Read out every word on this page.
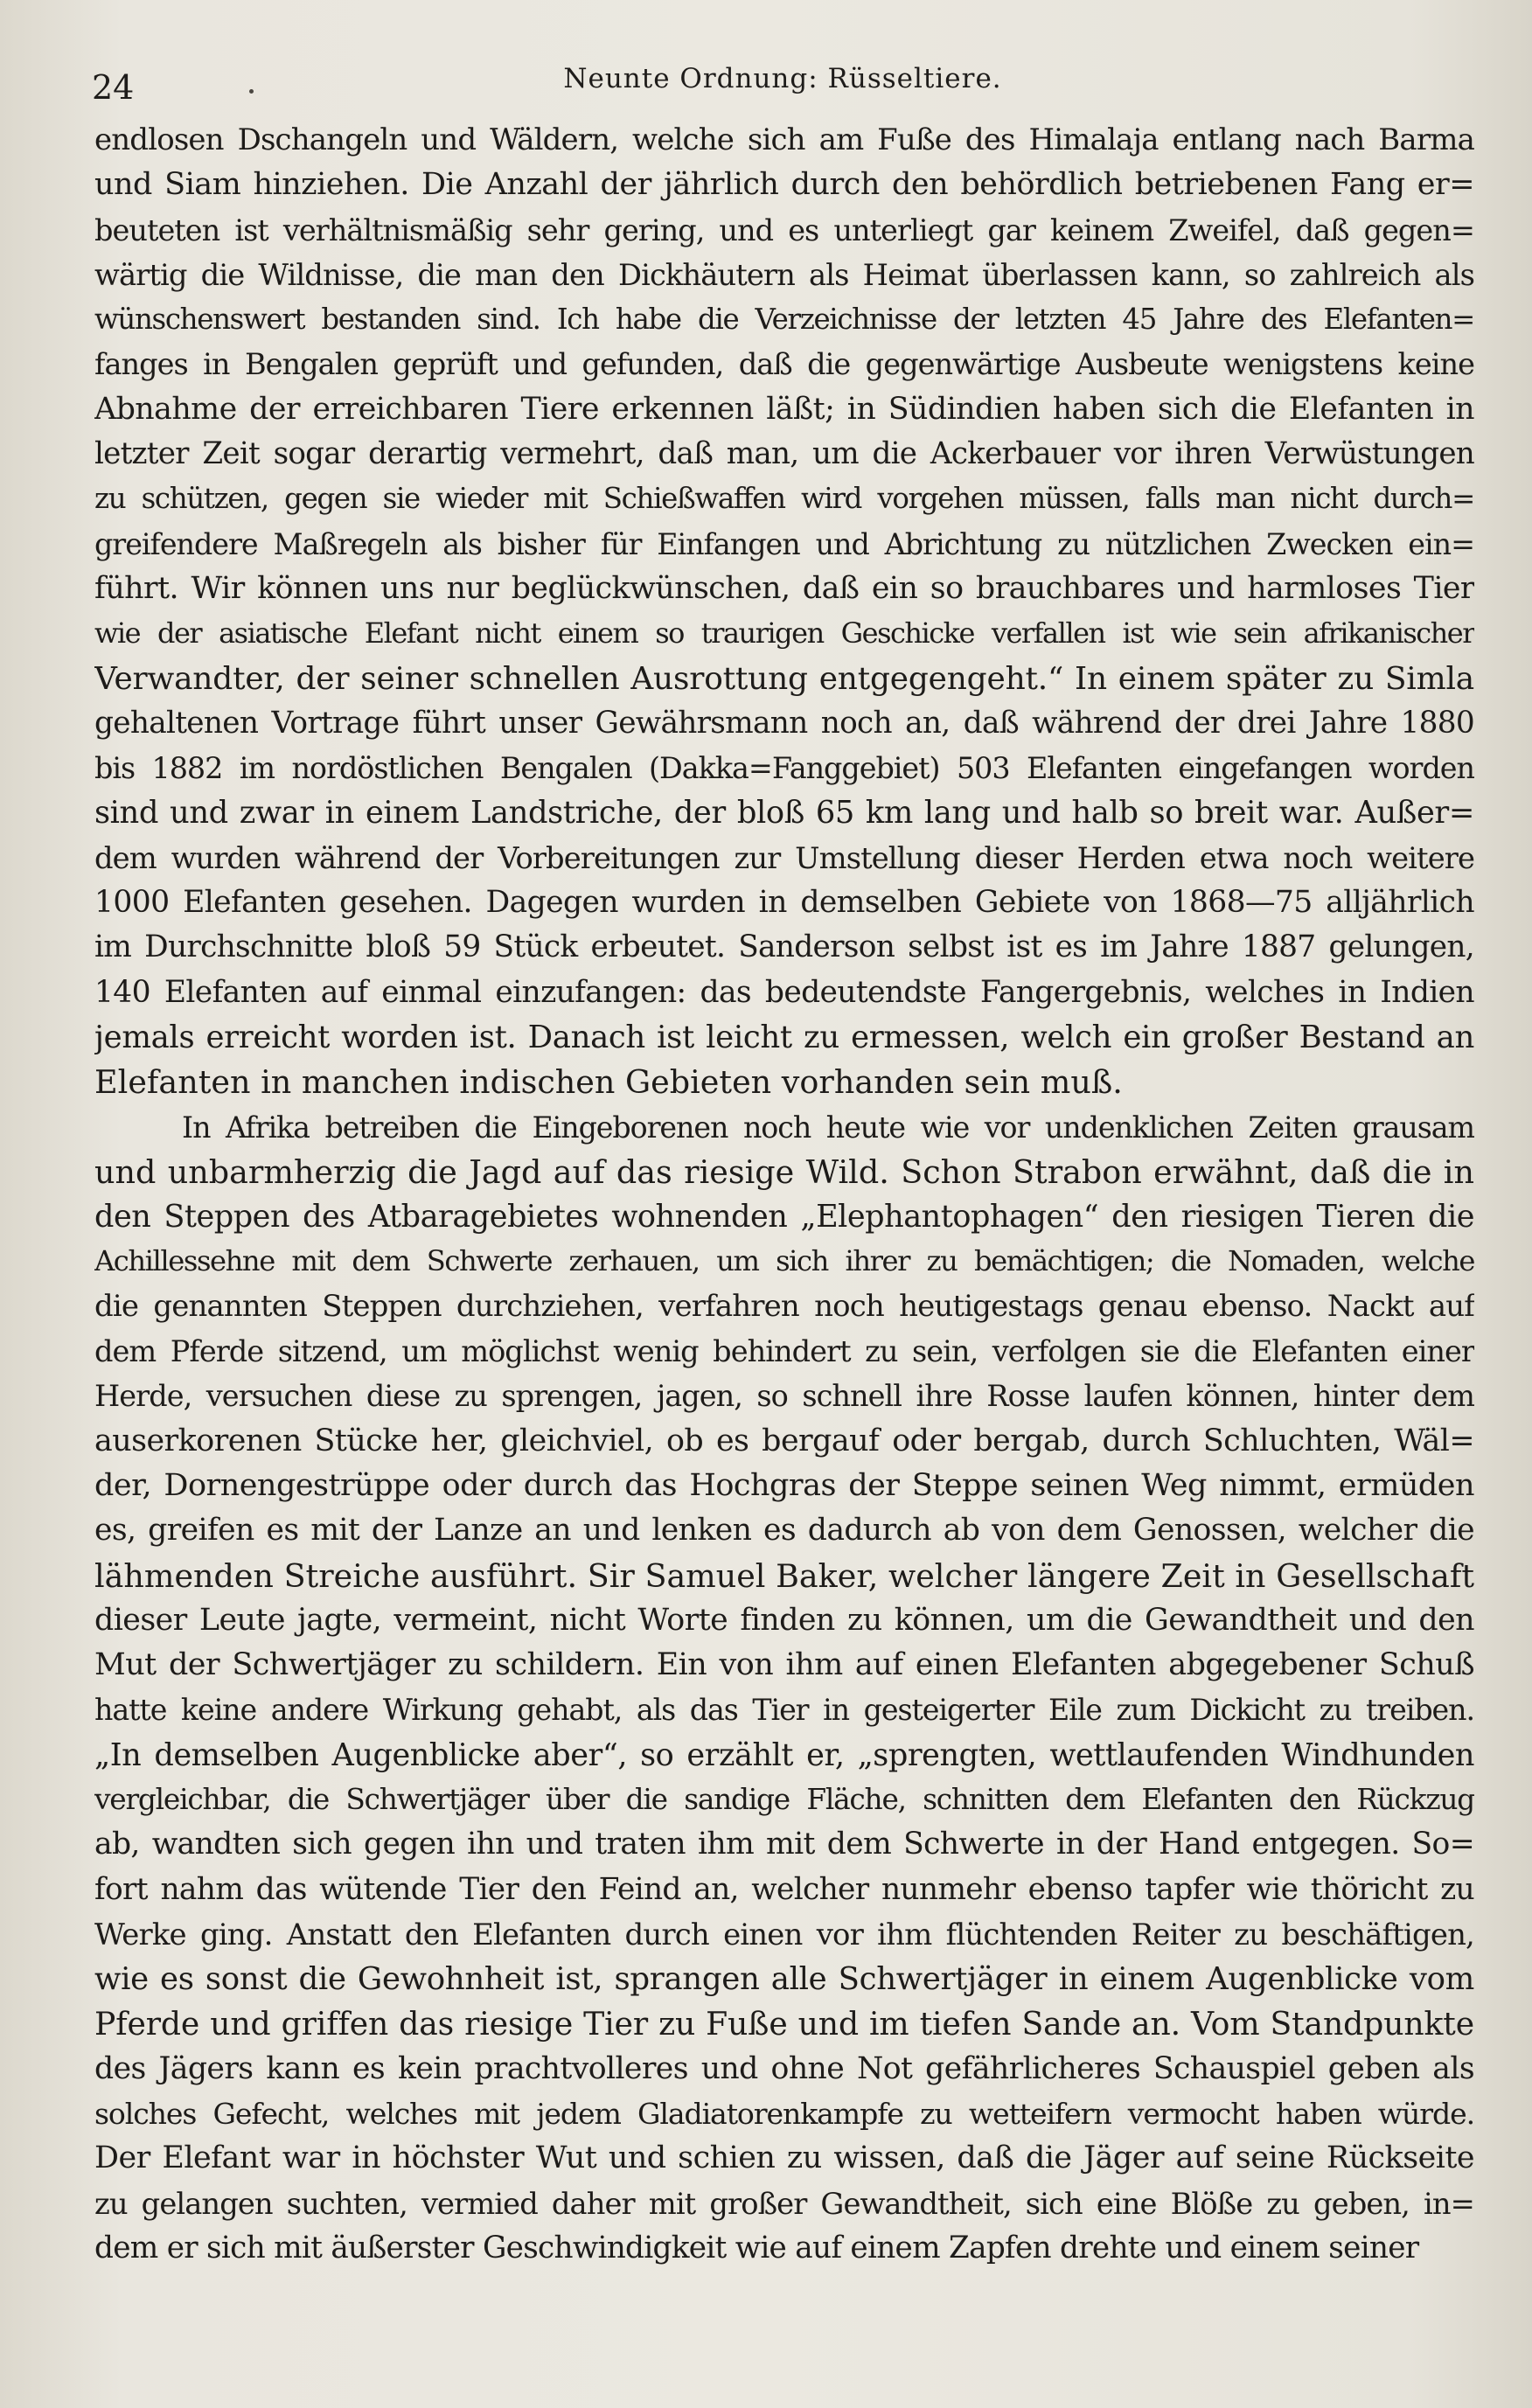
24	Neunte Ordnung: Rüsseltiere.
endlosen Dschangeln und Wäldern, welche sich am Fuße des Himalaja entlang nach Barma
und Siam hinziehen. Die Anzahl der jährlich durch den behördlich betriebenen Fang er=
beuteten ist verhältnismäßig sehr gering, und es unterliegt gar keinem Zweifel, daß gegen=
wärtig die Wildnisse, die man den Dickhäutern als Heimat überlassen kann, so zahlreich als
wünschenswert bestanden sind. Ich habe die Verzeichnisse der letzten 45 Jahre des Elefanten=
fanges in Bengalen geprüft und gefunden, daß die gegenwärtige Ausbeute wenigstens keine
Abnahme der erreichbaren Tiere erkennen läßt; in Südindien haben sich die Elefanten in
letzter Zeit sogar derartig vermehrt, daß man, um die Ackerbauer vor ihren Verwüstungen
zu schützen, gegen sie wieder mit Schießwaffen wird vorgehen müssen, falls man nicht durch=
greifendere Maßregeln als bisher für Einfangen und Abrichtung zu nützlichen Zwecken ein=
führt. Wir können uns nur beglückwünschen, daß ein so brauchbares und harmloses Tier
wie der asiatische Elefant nicht einem so traurigen Geschicke verfallen ist wie sein afrikanischer
Verwandter, der seiner schnellen Ausrottung entgegengeht.“ In einem später zu Simla
gehaltenen Vortrage führt unser Gewährsmann noch an, daß während der drei Jahre 1880
bis 1882 im nordöstlichen Bengalen (Dakka=Fanggebiet) 503 Elefanten eingefangen worden
sind und zwar in einem Landstriche, der bloß 65 km lang und halb so breit war. Außer=
dem wurden während der Vorbereitungen zur Umstellung dieser Herden etwa noch weitere
1000 Elefanten gesehen. Dagegen wurden in demselben Gebiete von 1868—75 alljährlich
im Durchschnitte bloß 59 Stück erbeutet. Sanderson selbst ist es im Jahre 1887 gelungen,
140 Elefanten auf einmal einzufangen: das bedeutendste Fangergebnis, welches in Indien
jemals erreicht worden ist. Danach ist leicht zu ermessen, welch ein großer Bestand an
Elefanten in manchen indischen Gebieten vorhanden sein muß.
In Afrika betreiben die Eingeborenen noch heute wie vor undenklichen Zeiten grausam
und unbarmherzig die Jagd auf das riesige Wild. Schon Strabon erwähnt, daß die in
den Steppen des Atbaragebietes wohnenden „Elephantophagen“ den riesigen Tieren die
Achillessehne mit dem Schwerte zerhauen, um sich ihrer zu bemächtigen; die Nomaden, welche
die genannten Steppen durchziehen, verfahren noch heutigestags genau ebenso. Nackt auf
dem Pferde sitzend, um möglichst wenig behindert zu sein, verfolgen sie die Elefanten einer
Herde, versuchen diese zu sprengen, jagen, so schnell ihre Rosse laufen können, hinter dem
auserkorenen Stücke her, gleichviel, ob es bergauf oder bergab, durch Schluchten, Wäl=
der, Dornengestrüppe oder durch das Hochgras der Steppe seinen Weg nimmt, ermüden
es, greifen es mit der Lanze an und lenken es dadurch ab von dem Genossen, welcher die
lähmenden Streiche ausführt. Sir Samuel Baker, welcher längere Zeit in Gesellschaft
dieser Leute jagte, vermeint, nicht Worte finden zu können, um die Gewandtheit und den
Mut der Schwertjäger zu schildern. Ein von ihm auf einen Elefanten abgegebener Schuß
hatte keine andere Wirkung gehabt, als das Tier in gesteigerter Eile zum Dickicht zu treiben.
„In demselben Augenblicke aber“, so erzählt er, „sprengten, wettlaufenden Windhunden
vergleichbar, die Schwertjäger über die sandige Fläche, schnitten dem Elefanten den Rückzug
ab, wandten sich gegen ihn und traten ihm mit dem Schwerte in der Hand entgegen. So=
fort nahm das wütende Tier den Feind an, welcher nunmehr ebenso tapfer wie thöricht zu
Werke ging. Anstatt den Elefanten durch einen vor ihm flüchtenden Reiter zu beschäftigen,
wie es sonst die Gewohnheit ist, sprangen alle Schwertjäger in einem Augenblicke vom
Pferde und griffen das riesige Tier zu Fuße und im tiefen Sande an. Vom Standpunkte
des Jägers kann es kein prachtvolleres und ohne Not gefährlicheres Schauspiel geben als
solches Gefecht, welches mit jedem Gladiatorenkampfe zu wetteifern vermocht haben würde.
Der Elefant war in höchster Wut und schien zu wissen, daß die Jäger auf seine Rückseite
zu gelangen suchten, vermied daher mit großer Gewandtheit, sich eine Blöße zu geben, in=
dem er sich mit äußerster Geschwindigkeit wie auf einem Zapfen drehte und einem seiner
